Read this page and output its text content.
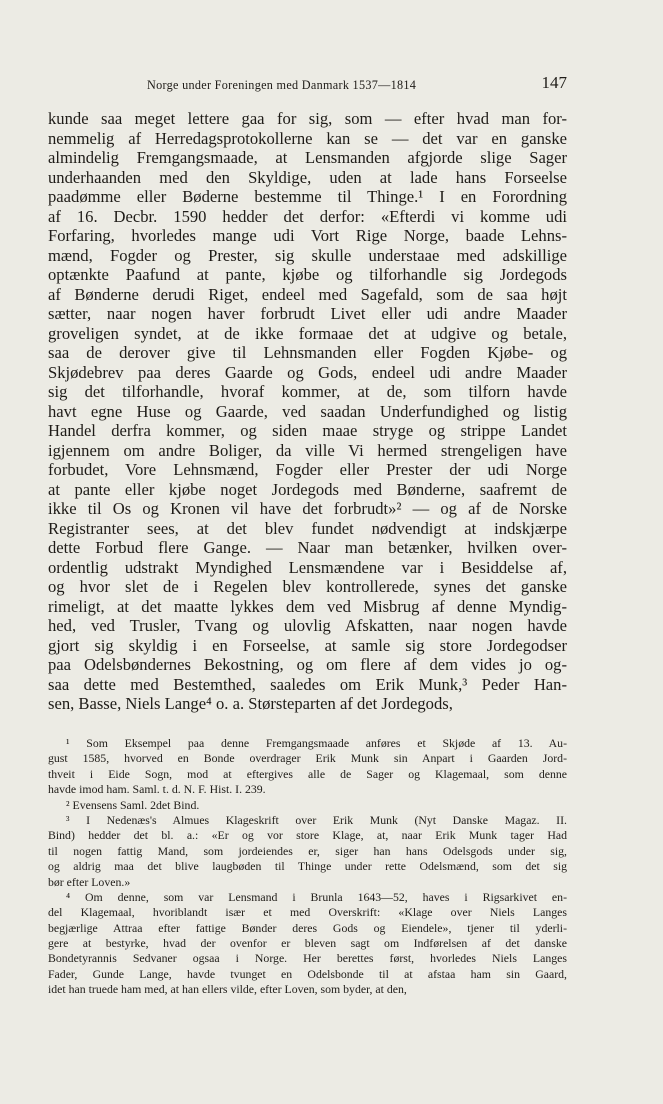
Norge under Foreningen med Danmark 1537—1814	147
kunde saa meget lettere gaa for sig, som — efter hvad man for-
nemmelig af Herredagsprotokollerne kan se — det var en ganske
almindelig Fremgangsmaade, at Lensmanden afgjorde slige Sager
underhaanden med den Skyldige, uden at lade hans Forseelse
paadømme eller Bøderne bestemme til Thinge.¹ I en Forordning
af 16. Decbr. 1590 hedder det derfor: «Efterdi vi komme udi
Forfaring, hvorledes mange udi Vort Rige Norge, baade Lehns-
mænd, Fogder og Prester, sig skulle understaae med adskillige
optænkte Paafund at pante, kjøbe og tilforhandle sig Jordegods
af Bønderne derudi Riget, endeel med Sagefald, som de saa højt
sætter, naar nogen haver forbrudt Livet eller udi andre Maader
groveligen syndet, at de ikke formaae det at udgive og betale,
saa de derover give til Lehnsmanden eller Fogden Kjøbe- og
Skjødebrev paa deres Gaarde og Gods, endeel udi andre Maader
sig det tilforhandle, hvoraf kommer, at de, som tilforn havde
havt egne Huse og Gaarde, ved saadan Underfundighed og listig
Handel derfra kommer, og siden maae stryge og strippe Landet
igjennem om andre Boliger, da ville Vi hermed strengeligen have
forbudet, Vore Lehnsmænd, Fogder eller Prester der udi Norge
at pante eller kjøbe noget Jordegods med Bønderne, saafremt de
ikke til Os og Kronen vil have det forbrudt»² — og af de Norske
Registranter sees, at det blev fundet nødvendigt at indskjærpe
dette Forbud flere Gange. — Naar man betænker, hvilken over-
ordentlig udstrakt Myndighed Lensmændene var i Besiddelse af,
og hvor slet de i Regelen blev kontrollerede, synes det ganske
rimeligt, at det maatte lykkes dem ved Misbrug af denne Myndig-
hed, ved Trusler, Tvang og ulovlig Afskatten, naar nogen havde
gjort sig skyldig i en Forseelse, at samle sig store Jordegodser
paa Odelsbøndernes Bekostning, og om flere af dem vides jo og-
saa dette med Bestemthed, saaledes om Erik Munk,³ Peder Han-
sen, Basse, Niels Lange⁴ o. a. Størsteparten af det Jordegods,
¹ Som Eksempel paa denne Fremgangsmaade anføres et Skjøde af 13. Au-
gust 1585, hvorved en Bonde overdrager Erik Munk sin Anpart i Gaarden Jord-
thveit i Eide Sogn, mod at eftergives alle de Sager og Klagemaal, som denne
havde imod ham. Saml. t. d. N. F. Hist. I. 239.
² Evensens Saml. 2det Bind.
³ I Nedenæs's Almues Klageskrift over Erik Munk (Nyt Danske Magaz. II.
Bind) hedder det bl. a.: «Er og vor store Klage, at, naar Erik Munk tager Had
til nogen fattig Mand, som jordeiendes er, siger han hans Odelsgods under sig,
og aldrig maa det blive laugbøden til Thinge under rette Odelsmænd, som det sig
bør efter Loven.»
⁴ Om denne, som var Lensmand i Brunla 1643—52, haves i Rigsarkivet en-
del Klagemaal, hvoriblandt især et med Overskrift: «Klage over Niels Langes
begjærlige Attraa efter fattige Bønder deres Gods og Eiendele», tjener til yderli-
gere at bestyrke, hvad der ovenfor er bleven sagt om Indførelsen af det danske
Bondetyrannis Sedvaner ogsaa i Norge. Her berettes først, hvorledes Niels Langes
Fader, Gunde Lange, havde tvunget en Odelsbonde til at afstaa ham sin Gaard,
idet han truede ham med, at han ellers vilde, efter Loven, som byder, at den,
